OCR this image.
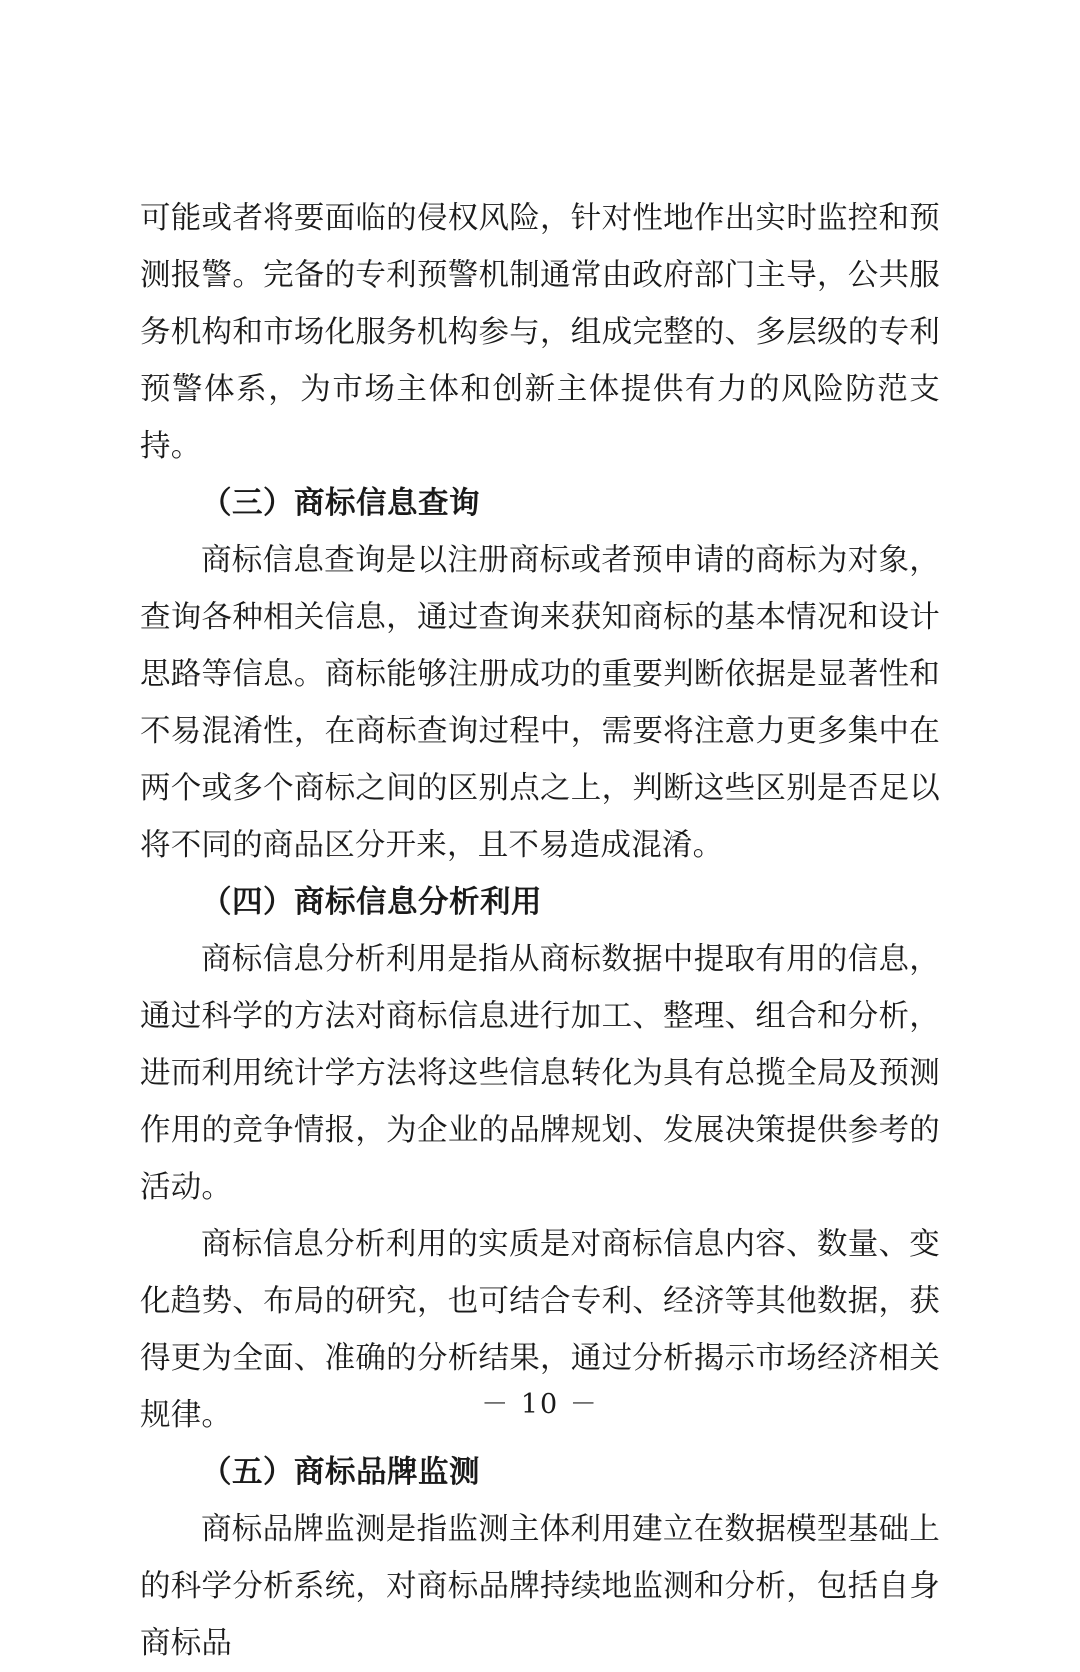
可能或者将要面临的侵权风险，针对性地作出实时监控和预测报警。完备的专利预警机制通常由政府部门主导，公共服务机构和市场化服务机构参与，组成完整的、多层级的专利预警体系，为市场主体和创新主体提供有力的风险防范支持。

（三）商标信息查询

商标信息查询是以注册商标或者预申请的商标为对象，查询各种相关信息，通过查询来获知商标的基本情况和设计思路等信息。商标能够注册成功的重要判断依据是显著性和不易混淆性，在商标查询过程中，需要将注意力更多集中在两个或多个商标之间的区别点之上，判断这些区别是否足以将不同的商品区分开来，且不易造成混淆。

（四）商标信息分析利用

商标信息分析利用是指从商标数据中提取有用的信息，通过科学的方法对商标信息进行加工、整理、组合和分析，进而利用统计学方法将这些信息转化为具有总揽全局及预测作用的竞争情报，为企业的品牌规划、发展决策提供参考的活动。

商标信息分析利用的实质是对商标信息内容、数量、变化趋势、布局的研究，也可结合专利、经济等其他数据，获得更为全面、准确的分析结果，通过分析揭示市场经济相关规律。

（五）商标品牌监测

商标品牌监测是指监测主体利用建立在数据模型基础上的科学分析系统，对商标品牌持续地监测和分析，包括自身商标品

－ 10 －
